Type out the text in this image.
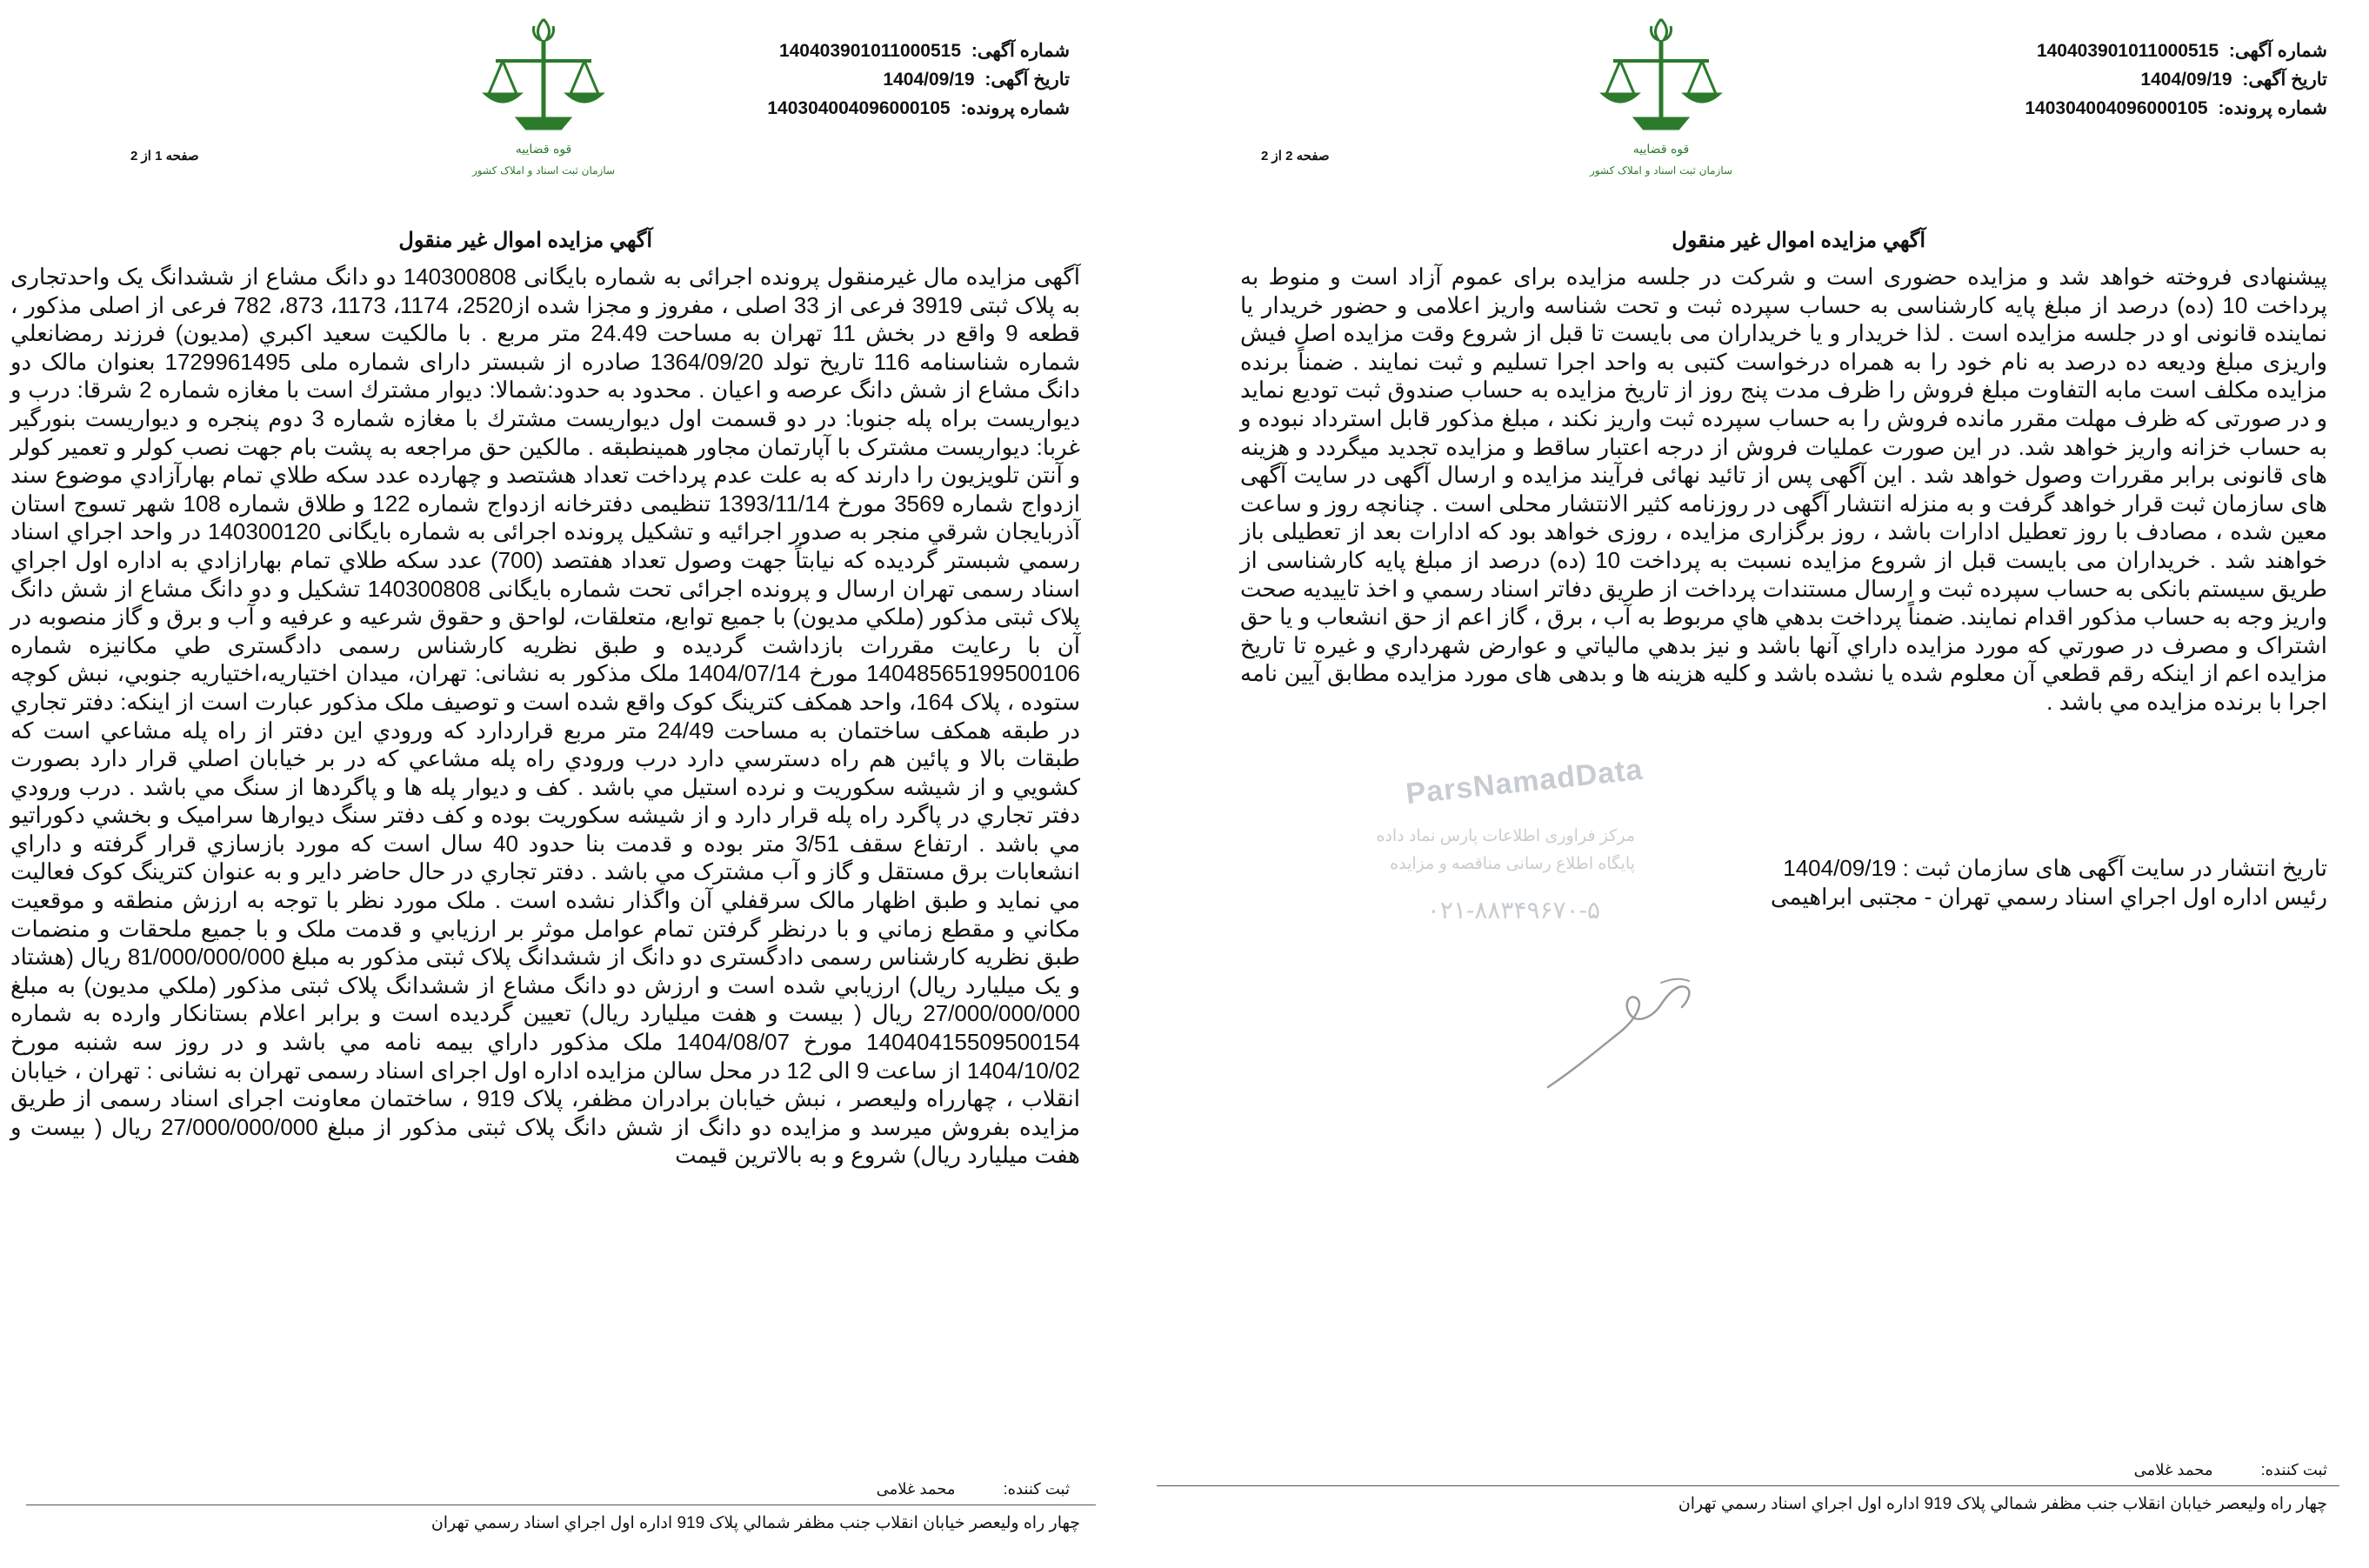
شماره آگهی: 140403901011000515
تاریخ آگهی: 1404/09/19
شماره پرونده: 140304004096000105
قوه قضاییه
سازمان ثبت اسناد و املاک کشور
صفحه 1 از 2
آگهي مزايده اموال غير منقول

آگهی مزایده مال غیرمنقول پرونده اجرائی به شماره بایگانی 140300808 دو دانگ مشاع از ششدانگ یک واحدتجاری به پلاک ثبتی 3919 فرعی از 33 اصلی ، مفروز و مجزا شده از2520، 1174، 1173، 873، 782 فرعی از اصلی مذکور ، قطعه 9 واقع در بخش 11 تهران به مساحت 24.49 متر مربع . با مالکيت سعيد اکبري (مديون) فرزند رمضانعلي شماره شناسنامه 116 تاريخ تولد 1364/09/20 صادره از شبستر دارای شماره ملی 1729961495 بعنوان مالک دو دانگ مشاع از شش دانگ عرصه و اعیان . محدود به حدود:شمالا: دیوار مشترك است با مغازه شماره 2 شرقا: درب و دیواریست براه پله جنوبا: در دو قسمت اول دیواریست مشترك با مغازه شماره 3 دوم پنجره و دیواریست بنورگير غربا: ديواريست مشترک با آپارتمان مجاور همينطبقه . مالکين حق مراجعه به پشت بام جهت نصب کولر و تعمير کولر و آنتن تلويزيون را دارند که به علت عدم پرداخت تعداد هشتصد و چهارده عدد سکه طلاي تمام بهارآزادي موضوع سند ازدواج شماره 3569 مورخ 1393/11/14 تنظيمی دفترخانه ازدواج شماره 122 و طلاق شماره 108 شهر تسوج استان آذربايجان شرقي منجر به صدور اجرائیه و تشکیل پرونده اجرائی به شماره بایگانی 140300120 در واحد اجراي اسناد رسمي شبستر گرديده كه نيابتاً جهت وصول تعداد هفتصد (700) عدد سکه طلاي تمام بهارازادي به اداره اول اجراي اسناد رسمی تهران ارسال و پرونده اجرائی تحت شماره بایگانی 140300808 تشکيل و دو دانگ مشاع از شش دانگ پلاک ثبتی مذکور (ملکي مديون) با جميع توابع، متعلقات، لواحق و حقوق شرعيه و عرفيه و آب و برق و گاز منصوبه در آن با رعايت مقررات بازداشت گرديده و طبق نظريه کارشناس رسمی دادگستری طي مکانيزه شماره 14048565199500106 مورخ 1404/07/14 ملک مذکور به نشانی: تهران، ميدان اختياريه،اختياريه جنوبي، نبش کوچه ستوده ، پلاک 164، واحد همکف کترينگ کوک واقع شده است و توصيف ملک مذکور عبارت است از اينکه: دفتر تجاري در طبقه همکف ساختمان به مساحت 24/49 متر مربع قراردارد که ورودي اين دفتر از راه پله مشاعي است که طبقات بالا و پائين هم راه دسترسي دارد درب ورودي راه پله مشاعي که در بر خيابان اصلي قرار دارد بصورت کشويي و از شيشه سکوريت و نرده استيل مي باشد . کف و ديوار پله ها و پاگردها از سنگ مي باشد . درب ورودي دفتر تجاري در پاگرد راه پله قرار دارد و از شيشه سکوريت بوده و کف دفتر سنگ ديوارها سراميک و بخشي دکوراتيو مي باشد . ارتفاع سقف 3/51 متر بوده و قدمت بنا حدود 40 سال است که مورد بازسازي قرار گرفته و داراي انشعابات برق مستقل و گاز و آب مشترک مي باشد . دفتر تجاري در حال حاضر داير و به عنوان کترينگ کوک فعاليت مي نمايد و طبق اظهار مالک سرقفلي آن واگذار نشده است . ملک مورد نظر با توجه به ارزش منطقه و موقعيت مکاني و مقطع زماني و با درنظر گرفتن تمام عوامل موثر بر ارزيابي و قدمت ملک و با جميع ملحقات و منضمات طبق نظريه کارشناس رسمی دادگستری دو دانگ از ششدانگ پلاک ثبتی مذکور به مبلغ 81/000/000/000 ريال (هشتاد و يک ميليارد ريال) ارزيابي شده است و ارزش دو دانگ مشاع از ششدانگ پلاک ثبتی مذکور (ملکي مديون) به مبلغ 27/000/000/000 ريال ( بیست و هفت میلیارد ریال) تعيين گرديده است و برابر اعلام بستانکار وارده به شماره 14040415509500154 مورخ 1404/08/07 ملک مذکور داراي بيمه نامه مي باشد و در روز سه شنبه مورخ 1404/10/02 از ساعت 9 الی 12 در محل سالن مزایده اداره اول اجرای اسناد رسمی تهران به نشانی : تهران ، خیابان انقلاب ، چهارراه ولیعصر ، نبش خیابان برادران مظفر، پلاک 919 ، ساختمان معاونت اجرای اسناد رسمی از طریق مزایده بفروش میرسد و مزایده دو دانگ از شش دانگ پلاک ثبتی مذکور از مبلغ 27/000/000/000 ریال ( بیست و هفت میلیارد ریال) شروع و به بالاترین قیمت

ثبت کننده: محمد غلامی
چهار راه وليعصر خيابان انقلاب جنب مظفر شمالي پلاک 919 اداره اول اجراي اسناد رسمي تهران
شماره آگهی: 140403901011000515
تاریخ آگهی: 1404/09/19
شماره پرونده: 140304004096000105
قوه قضاییه
سازمان ثبت اسناد و املاک کشور
صفحه 2 از 2
آگهي مزايده اموال غير منقول

پیشنهادی فروخته خواهد شد و مزایده حضوری است و شرکت در جلسه مزایده برای عموم آزاد است و منوط به پرداخت 10 (ده) درصد از مبلغ پایه کارشناسی به حساب سپرده ثبت و تحت شناسه واریز اعلامی و حضور خریدار یا نماینده قانونی او در جلسه مزایده است . لذا خریدار و یا خریداران می بایست تا قبل از شروع وقت مزایده اصل فیش واریزی مبلغ ودیعه ده درصد به نام خود را به همراه درخواست کتبی به واحد اجرا تسلیم و ثبت نمایند . ضمناً برنده مزایده مکلف است مابه التفاوت مبلغ فروش را ظرف مدت پنج روز از تاریخ مزایده به حساب صندوق ثبت تودیع نماید و در صورتی که ظرف مهلت مقرر مانده فروش را به حساب سپرده ثبت واریز نکند ، مبلغ مذکور قابل استرداد نبوده و به حساب خزانه واریز خواهد شد. در این صورت عملیات فروش از درجه اعتبار ساقط و مزایده تجدید میگردد و هزینه های قانونی برابر مقررات وصول خواهد شد . این آگهی پس از تائید نهائی فرآیند مزایده و ارسال آگهی در سایت آگهی های سازمان ثبت قرار خواهد گرفت و به منزله انتشار آگهی در روزنامه کثیر الانتشار محلی است . چنانچه روز و ساعت معین شده ، مصادف با روز تعطیل ادارات باشد ، روز برگزاری مزایده ، روزی خواهد بود که ادارات بعد از تعطیلی باز خواهند شد . خریداران می بایست قبل از شروع مزایده نسبت به پرداخت 10 (ده) درصد از مبلغ پایه کارشناسی از طریق سیستم بانکی به حساب سپرده ثبت و ارسال مستندات پرداخت از طریق دفاتر اسناد رسمي و اخذ تاييديه صحت واريز وجه به حساب مذکور اقدام نمايند. ضمناً پرداخت بدهي هاي مربوط به آب ، برق ، گاز اعم از حق انشعاب و يا حق اشتراک و مصرف در صورتي که مورد مزايده داراي آنها باشد و نيز بدهي مالياتي و عوارض شهرداري و غيره تا تاريخ مزايده اعم از اينکه رقم قطعي آن معلوم شده يا نشده باشد و کليه هزينه ها و بدهی های مورد مزایده مطابق آيين نامه اجرا با برنده مزايده مي باشد .

تاریخ انتشار در سایت آگهی های سازمان ثبت : 1404/09/19
رئيس اداره اول اجراي اسناد رسمي تهران - مجتبی ابراهیمی
ثبت کننده: محمد غلامی
چهار راه وليعصر خيابان انقلاب جنب مظفر شمالي پلاک 919 اداره اول اجراي اسناد رسمي تهران
ParsNamadData
مرکز فراوری اطلاعات پارس نماد داده
پایگاه اطلاع رسانی مناقصه و مزایده
۰۲۱-۸۸۳۴۹۶۷۰-۵
